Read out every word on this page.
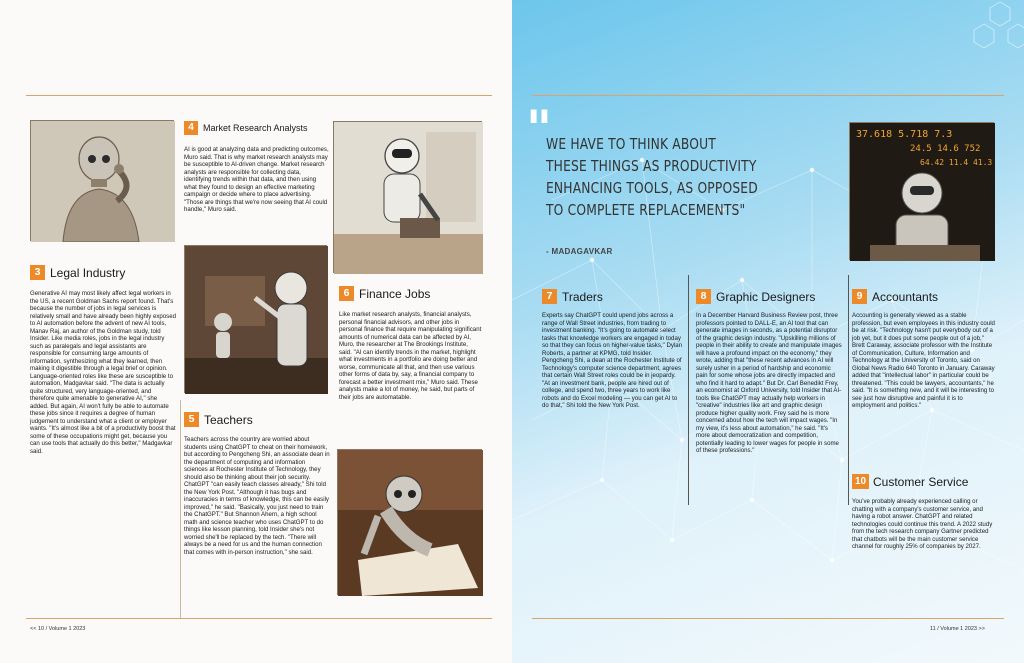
4	Market Research Analysts
AI is good at analyzing data and predicting outcomes, Muro said. That is why market research analysts may be susceptible to AI-driven change. Market research analysts are responsible for collecting data, identifying trends within that data, and then using what they found to design an effective marketing campaign or decide where to place advertising. "Those are things that we're now seeing that AI could handle," Muro said.
3 Legal Industry
Generative AI may most likely affect legal workers in the US, a recent Goldman Sachs report found. That's because the number of jobs in legal services is relatively small and have already been highly exposed to AI automation before the advent of new AI tools, Manav Raj, an author of the Goldman study, told Insider. Like media roles, jobs in the legal industry such as paralegals and legal assistants are responsible for consuming large amounts of information, synthesizing what they learned, then making it digestible through a legal brief or opinion. Language-oriented roles like these are susceptible to automation, Madgavkar said. "The data is actually quite structured, very language-oriented, and therefore quite amenable to generative AI," she added. But again, AI won't fully be able to automate these jobs since it requires a degree of human judgement to understand what a client or employer wants. "It's almost like a bit of a productivity boost that some of these occupations might get, because you can use tools that actually do this better," Madgavkar said.
6 Finance Jobs
Like market research analysts, financial analysts, personal financial advisors, and other jobs in personal finance that require manipulating significant amounts of numerical data can be affected by AI, Muro, the researcher at The Brookings Institute, said. "AI can identify trends in the market, highlight what investments in a portfolio are doing better and worse, communicate all that, and then use various other forms of data by, say, a financial company to forecast a better investment mix," Muro said. These analysts make a lot of money, he said, but parts of their jobs are automatable.
5 Teachers
Teachers across the country are worried about students using ChatGPT to cheat on their homework, but according to Pengcheng Shi, an associate dean in the department of computing and information sciences at Rochester Institute of Technology, they should also be thinking about their job security. ChatGPT "can easily teach classes already," Shi told the New York Post. "Although it has bugs and inaccuracies in terms of knowledge, this can be easily improved," he said. "Basically, you just need to train the ChatGPT." But Shannon Ahern, a high school math and science teacher who uses ChatGPT to do things like lesson planning, told Insider she's not worried she'll be replaced by the tech. "There will always be a need for us and the human connection that comes with in-person instruction," she said.
<< 10 / Volume 1 2023
"
WE HAVE TO THINK ABOUT
THESE THINGS AS PRODUCTIVITY
ENHANCING TOOLS, AS OPPOSED
TO COMPLETE REPLACEMENTS"
- MADAGAVKAR
37.618 5.718 7.3
24.5 14.6 752
64.42 11.4 41.3
7 Traders
Experts say ChatGPT could upend jobs across a range of Wall Street industries, from trading to investment banking. "It's going to automate select tasks that knowledge workers are engaged in today so that they can focus on higher-value tasks," Dylan Roberts, a partner at KPMG, told Insider. Pengcheng Shi, a dean at the Rochester Institute of Technology's computer science department, agrees that certain Wall Street roles could be in jeopardy. "At an investment bank, people are hired out of college, and spend two, three years to work like robots and do Excel modeling — you can get AI to do that," Shi told the New York Post.
8 Graphic Designers
In a December Harvard Business Review post, three professors pointed to DALL-E, an AI tool that can generate images in seconds, as a potential disruptor of the graphic design industry. "Upskilling millions of people in their ability to create and manipulate images will have a profound impact on the economy," they wrote, adding that "these recent advances in AI will surely usher in a period of hardship and economic pain for some whose jobs are directly impacted and who find it hard to adapt." But Dr. Carl Benedikt Frey, an economist at Oxford University, told Insider that AI-tools like ChatGPT may actually help workers in "creative" industries like art and graphic design produce higher quality work. Frey said he is more concerned about how the tech will impact wages. "In my view, it's less about automation," he said. "It's more about democratization and competition, potentially leading to lower wages for people in some of these professions."
9 Accountants
Accounting is generally viewed as a stable profession, but even employees in this industry could be at risk. "Technology hasn't put everybody out of a job yet, but it does put some people out of a job," Brett Caraway, associate professor with the Institute of Communication, Culture, Information and Technology at the University of Toronto, said on Global News Radio 640 Toronto in January. Caraway added that "intellectual labor" in particular could be threatened. "This could be lawyers, accountants," he said. "It is something new, and it will be interesting to see just how disruptive and painful it is to employment and politics."
10 Customer Service
You've probably already experienced calling or chatting with a company's customer service, and having a robot answer. ChatGPT and related technologies could continue this trend. A 2022 study from the tech research company Gartner predicted that chatbots will be the main customer service channel for roughly 25% of companies by 2027.
11 / Volume 1 2023 >>
